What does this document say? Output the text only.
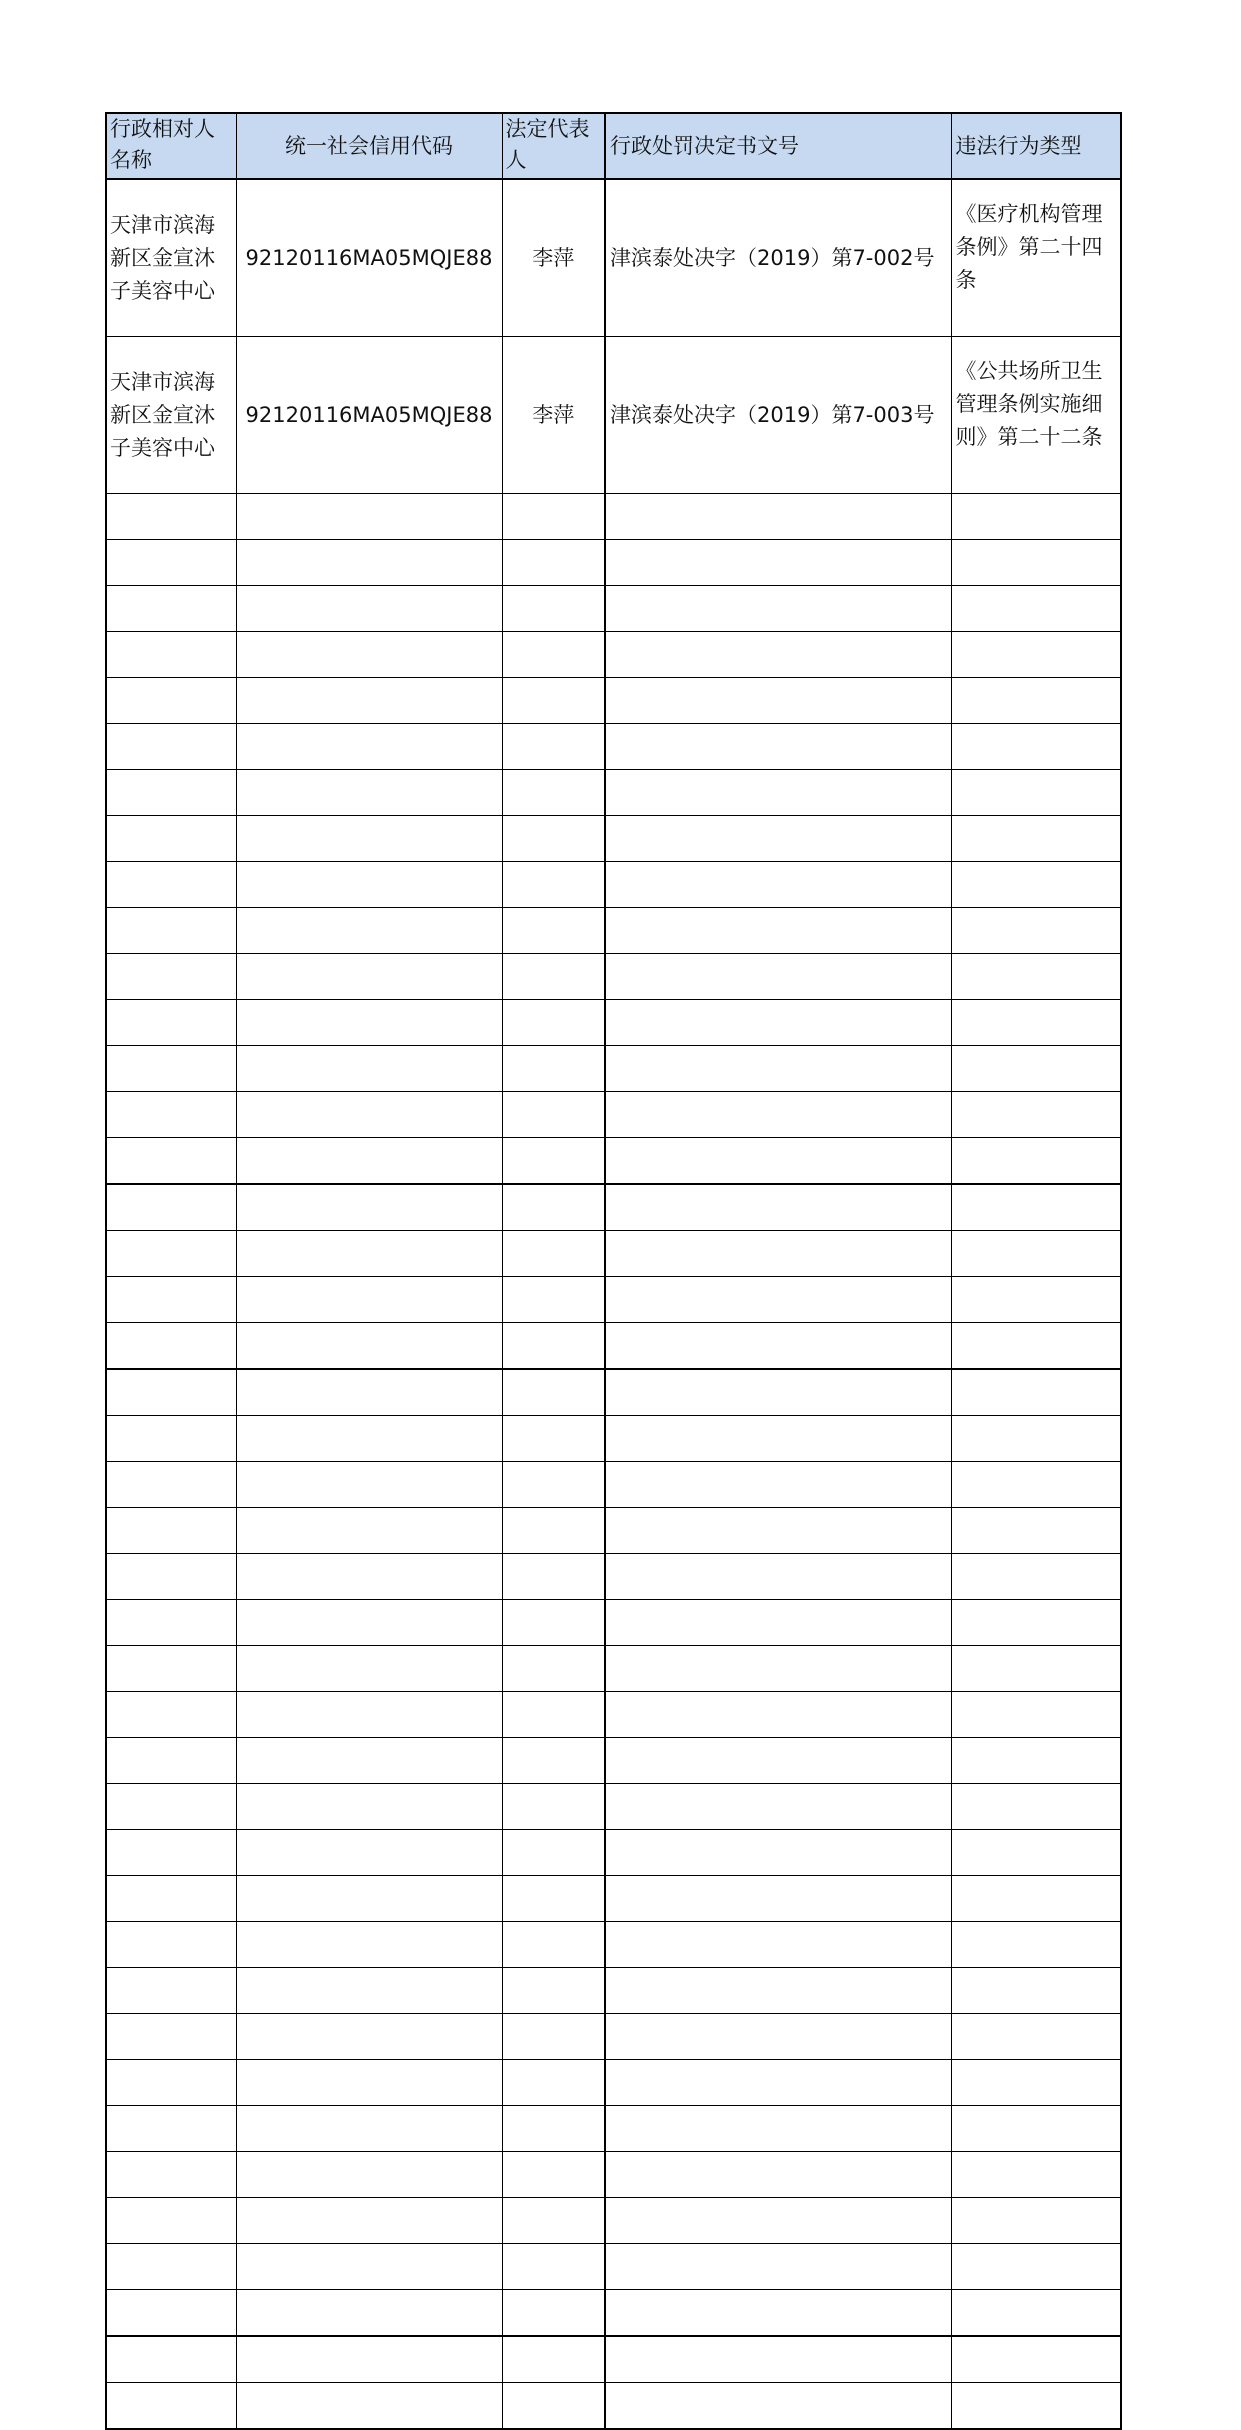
行政相对人名称	统一社会信用代码	法定代表人	行政处罚决定书文号	违法行为类型
天津市滨海新区金宣沐子美容中心	92120116MA05MQJE88	李萍	津滨泰处决字（2019）第7-002号	《医疗机构管理条例》第二十四条
天津市滨海新区金宣沐子美容中心	92120116MA05MQJE88	李萍	津滨泰处决字（2019）第7-003号	《公共场所卫生管理条例实施细则》第二十二条
